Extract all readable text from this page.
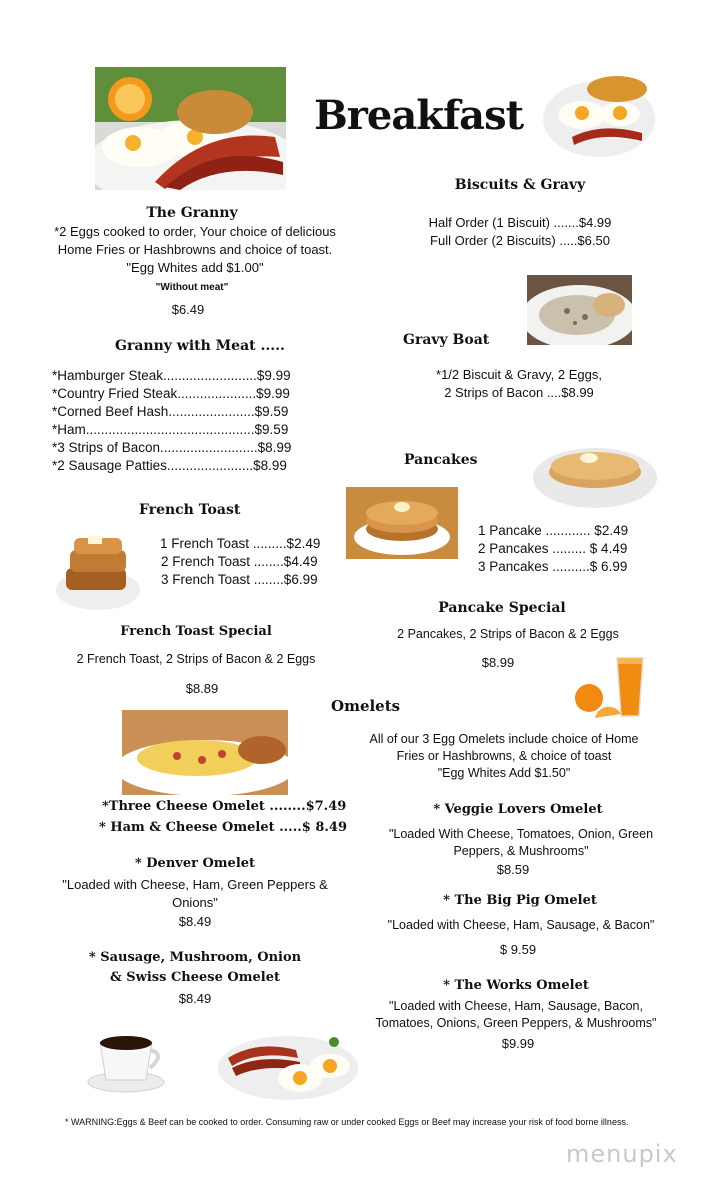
Breakfast
The Granny
*2 Eggs cooked to order, Your choice of delicious
Home Fries or Hashbrowns and choice of toast.
"Egg Whites add $1.00"
"Without meat"
$6.49
Granny with Meat .....
*Hamburger Steak.........................$9.99
*Country Fried Steak.....................$9.99
*Corned Beef Hash.......................$9.59
*Ham.............................................$9.59
*3 Strips of Bacon..........................$8.99
*2 Sausage Patties.......................$8.99
French Toast
1 French Toast .........$2.49
2 French Toast ........$4.49
3 French Toast ........$6.99
French Toast Special
2 French Toast, 2 Strips of Bacon & 2 Eggs
$8.89
*Three Cheese Omelet ........$7.49
* Ham & Cheese Omelet .....$ 8.49
* Denver Omelet
"Loaded with Cheese, Ham, Green Peppers &
Onions"
$8.49
* Sausage, Mushroom, Onion
& Swiss Cheese Omelet
$8.49
Biscuits & Gravy
Half Order (1 Biscuit) .......$4.99
Full Order (2 Biscuits) .....$6.50
Gravy Boat
*1/2 Biscuit & Gravy, 2 Eggs,
2 Strips of Bacon ....$8.99
Pancakes
1 Pancake ............ $2.49
2 Pancakes ......... $ 4.49
3 Pancakes ..........$ 6.99
Pancake Special
2 Pancakes, 2 Strips of Bacon & 2 Eggs
$8.99
Omelets
All of our 3 Egg Omelets include choice of Home
Fries or Hashbrowns, & choice of toast
"Egg Whites Add $1.50"
* Veggie Lovers Omelet
"Loaded With Cheese, Tomatoes, Onion, Green
Peppers, & Mushrooms"
$8.59
* The Big Pig Omelet
"Loaded with Cheese, Ham, Sausage, & Bacon"
$ 9.59
* The Works Omelet
"Loaded with Cheese, Ham, Sausage, Bacon,
Tomatoes, Onions, Green Peppers, & Mushrooms"
$9.99
* WARNING:Eggs & Beef can be cooked to order. Consuming raw or under cooked Eggs or Beef may increase your risk of food borne illness.
menupix
